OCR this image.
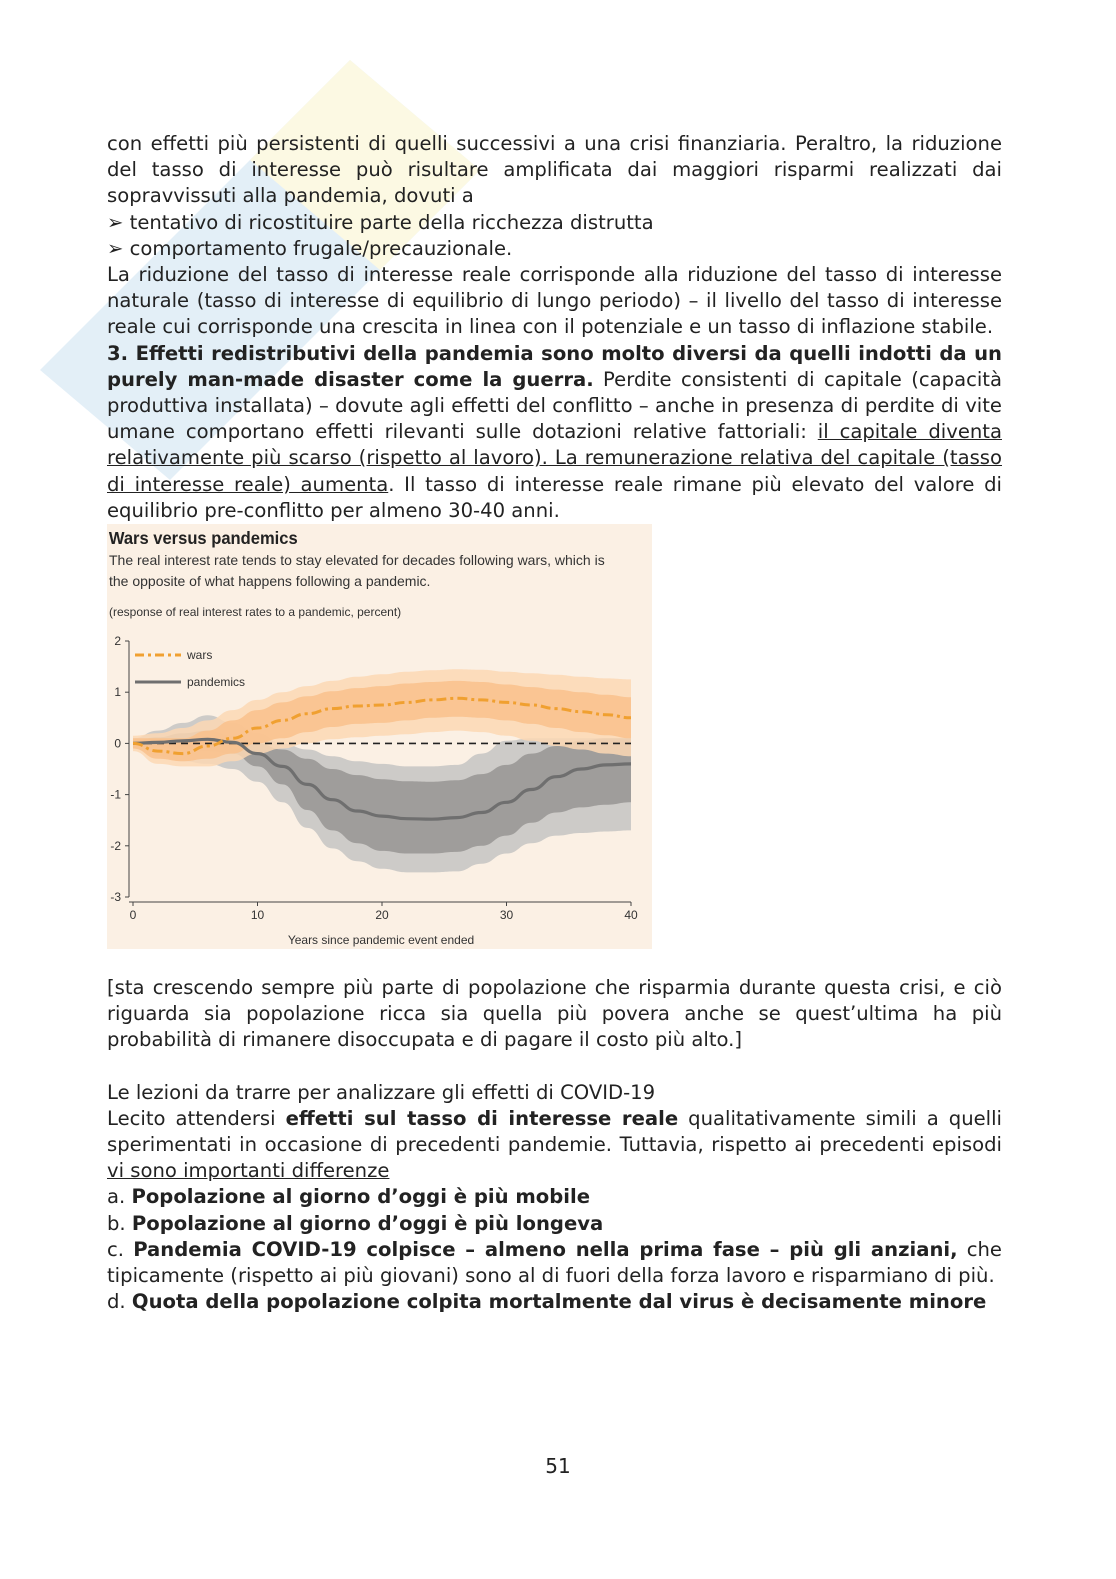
con effetti più persistenti di quelli successivi a una crisi finanziaria. Peraltro, la riduzione del tasso di interesse può risultare amplificata dai maggiori risparmi realizzati dai sopravvissuti alla pandemia, dovuti a

➢ tentativo di ricostituire parte della ricchezza distrutta

➢ comportamento frugale/precauzionale.

La riduzione del tasso di interesse reale corrisponde alla riduzione del tasso di interesse naturale (tasso di interesse di equilibrio di lungo periodo) – il livello del tasso di interesse reale cui corrisponde una crescita in linea con il potenziale e un tasso di inflazione stabile.

3. Effetti redistributivi della pandemia sono molto diversi da quelli indotti da un purely man-made disaster come la guerra. Perdite consistenti di capitale (capacità produttiva installata) – dovute agli effetti del conflitto – anche in presenza di perdite di vite umane comportano effetti rilevanti sulle dotazioni relative fattoriali: il capitale diventa relativamente più scarso (rispetto al lavoro). La remunerazione relativa del capitale (tasso di interesse reale) aumenta. Il tasso di interesse reale rimane più elevato del valore di equilibrio pre-conflitto per almeno 30-40 anni.

Wars versus pandemics
The real interest rate tends to stay elevated for decades following wars, which is
the opposite of what happens following a pandemic.
(response of real interest rates to a pandemic, percent)
2
1
0
-1
-2
-3
0	10	20	30	40
wars
pandemics
Years since pandemic event ended

[sta crescendo sempre più parte di popolazione che risparmia durante questa crisi, e ciò riguarda sia popolazione ricca sia quella più povera anche se quest’ultima ha più probabilità di rimanere disoccupata e di pagare il costo più alto.]

Le lezioni da trarre per analizzare gli effetti di COVID-19

Lecito attendersi effetti sul tasso di interesse reale qualitativamente simili a quelli sperimentati in occasione di precedenti pandemie. Tuttavia, rispetto ai precedenti episodi vi sono importanti differenze

a. Popolazione al giorno d’oggi è più mobile

b. Popolazione al giorno d’oggi è più longeva

c. Pandemia COVID-19 colpisce – almeno nella prima fase – più gli anziani, che tipicamente (rispetto ai più giovani) sono al di fuori della forza lavoro e risparmiano di più.

d. Quota della popolazione colpita mortalmente dal virus è decisamente minore

51
